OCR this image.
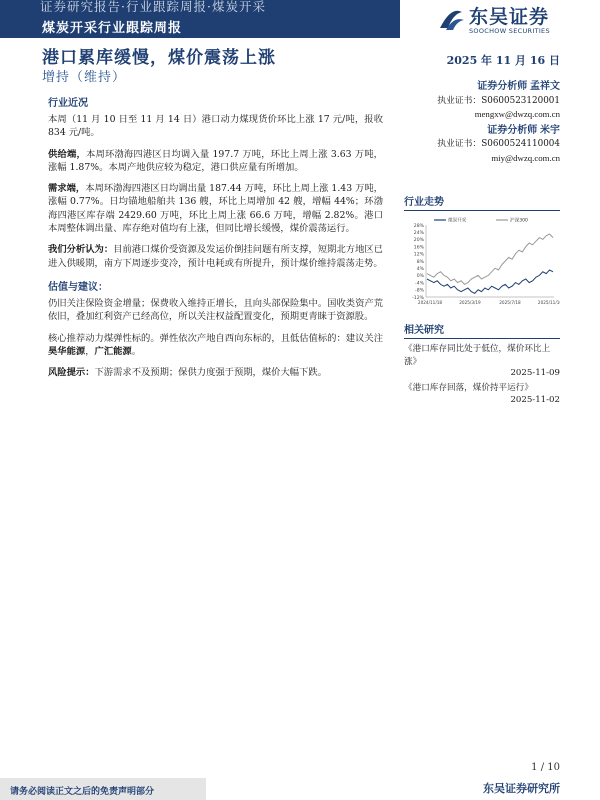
证券研究报告·行业跟踪周报·煤炭开采
煤炭开采行业跟踪周报
东吴证券
SOOCHOW SECURITIES
港口累库缓慢，煤价震荡上涨
增持（维持）
2025 年 11 月 16 日
行业近况

本周（11 月 10 日至 11 月 14 日）港口动力煤现货价环比上涨 17 元/吨，报收 834 元/吨。

供给端，本周环渤海四港区日均调入量 197.7 万吨，环比上周上涨 3.63 万吨，涨幅 1.87%。本周产地供应较为稳定，港口供应量有所增加。

需求端，本周环渤海四港区日均调出量 187.44 万吨，环比上周上涨 1.43 万吨，涨幅 0.77%。日均锚地船舶共 136 艘，环比上周增加 42 艘，增幅 44%；环渤海四港区库存端 2429.60 万吨，环比上周上涨 66.6 万吨，增幅 2.82%。港口本周整体调出量、库存绝对值均有上涨，但同比增长缓慢，煤价震荡运行。

我们分析认为：目前港口煤价受资源及发运价倒挂问题有所支撑，短期北方地区已进入供暖期，南方下周逐步变冷，预计电耗或有所提升，预计煤价维持震荡走势。

估值与建议：

仍旧关注保险资金增量；保费收入维持正增长，且向头部保险集中。国收类资产荒依旧，叠加红利资产已经高位，所以关注权益配置变化，预期更青睐于资源股。

核心推荐动力煤弹性标的。弹性依次产地自西向东标的，且低估值标的：建议关注昊华能源，广汇能源。

风险提示：下游需求不及预期；保供力度强于预期，煤价大幅下跌。

证券分析师 孟祥文
执业证书：S0600523120001
mengxw@dwzq.com.cn
证券分析师 米宇
执业证书：S0600524110004
miy@dwzq.com.cn
行业走势
28%
24%
20%
16%
12%
8%
4%
0%
-4%
-8%
-12%
2024/11/18	2025/3/19	2025/7/18	2025/11/16
煤炭开采	沪深300
相关研究
《港口库存同比处于低位，煤价环比上涨》
2025-11-09
《港口库存回落，煤价持平运行》
2025-11-02
1 / 10
请务必阅读正文之后的免责声明部分	东吴证券研究所
